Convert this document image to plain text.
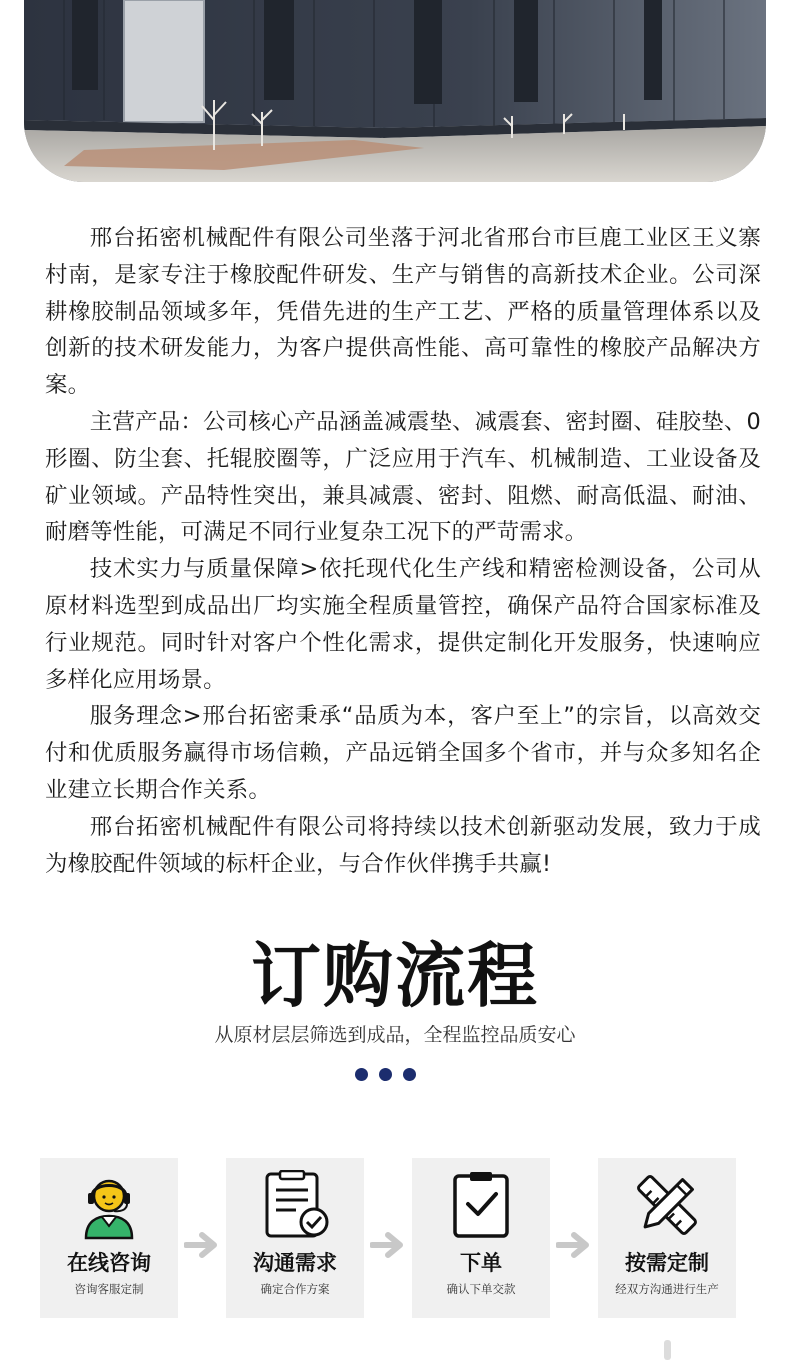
邢台拓密机械配件有限公司坐落于河北省邢台市巨鹿工业区王义寨村南，是家专注于橡胶配件研发、生产与销售的高新技术企业。公司深耕橡胶制品领域多年，凭借先进的生产工艺、严格的质量管理体系以及创新的技术研发能力，为客户提供高性能、高可靠性的橡胶产品解决方案。

主营产品：公司核心产品涵盖减震垫、减震套、密封圈、硅胶垫、0形圈、防尘套、托辊胶圈等，广泛应用于汽车、机械制造、工业设备及矿业领域。产品特性突出，兼具减震、密封、阻燃、耐高低温、耐油、耐磨等性能，可满足不同行业复杂工况下的严苛需求。

技术实力与质量保障>依托现代化生产线和精密检测设备，公司从原材料选型到成品出厂均实施全程质量管控，确保产品符合国家标准及行业规范。同时针对客户个性化需求，提供定制化开发服务，快速响应多样化应用场景。

服务理念>邢台拓密秉承“品质为本，客户至上”的宗旨，以高效交付和优质服务赢得市场信赖，产品远销全国多个省市，并与众多知名企业建立长期合作关系。

邢台拓密机械配件有限公司将持续以技术创新驱动发展，致力于成为橡胶配件领域的标杆企业，与合作伙伴携手共赢!

订购流程
从原材层层筛选到成品，全程监控品质安心
在线咨询
咨询客服定制
沟通需求
确定合作方案
下单
确认下单交款
按需定制
经双方沟通进行生产
